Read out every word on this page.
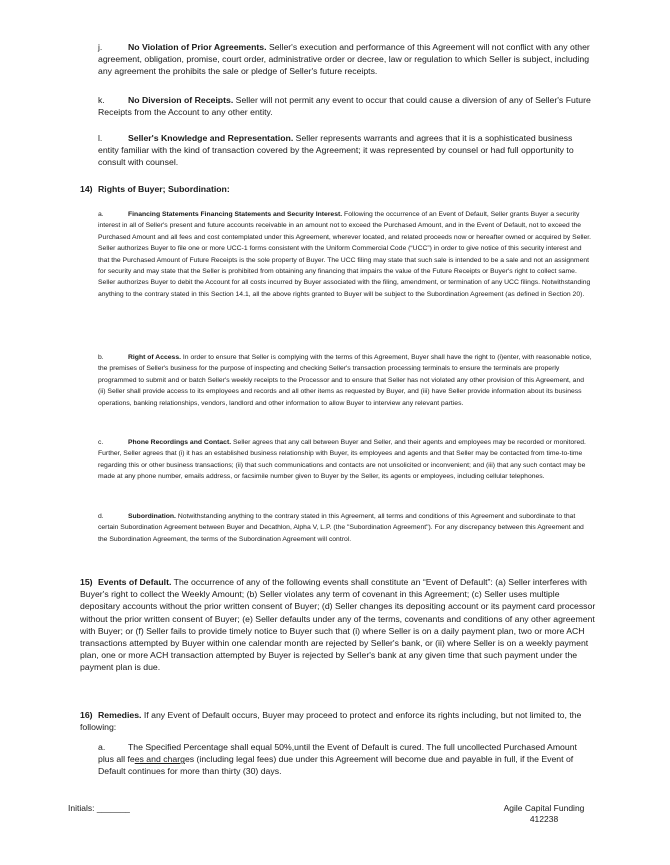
j.	No Violation of Prior Agreements. Seller's execution and performance of this Agreement will not conflict with any other agreement, obligation, promise, court order, administrative order or decree, law or regulation to which Seller is subject, including any agreement the prohibits the sale or pledge of Seller's future receipts.
k.	No Diversion of Receipts. Seller will not permit any event to occur that could cause a diversion of any of Seller's Future Receipts from the Account to any other entity.
l.	Seller's Knowledge and Representation. Seller represents warrants and agrees that it is a sophisticated business entity familiar with the kind of transaction covered by the Agreement; it was represented by counsel or had full opportunity to consult with counsel.
14) Rights of Buyer; Subordination:
a.	Financing Statements Financing Statements and Security Interest. Following the occurrence of an Event of Default, Seller grants Buyer a security interest in all of Seller's present and future accounts receivable in an amount not to exceed the Purchased Amount, and in the Event of Default, not to exceed the Purchased Amount and all fees and cost contemplated under this Agreement, wherever located, and related proceeds now or hereafter owned or acquired by Seller. Seller authorizes Buyer to file one or more UCC-1 forms consistent with the Uniform Commercial Code (“UCC”) in order to give notice of this security interest and that the Purchased Amount of Future Receipts is the sole property of Buyer. The UCC filing may state that such sale is intended to be a sale and not an assignment for security and may state that the Seller is prohibited from obtaining any financing that impairs the value of the Future Receipts or Buyer's right to collect same. Seller authorizes Buyer to debit the Account for all costs incurred by Buyer associated with the filing, amendment, or termination of any UCC filings. Notwithstanding anything to the contrary stated in this Section 14.1, all the above rights granted to Buyer will be subject to the Subordination Agreement (as defined in Section 20).
b.	Right of Access. In order to ensure that Seller is complying with the terms of this Agreement, Buyer shall have the right to (i)enter, with reasonable notice, the premises of Seller's business for the purpose of inspecting and checking Seller's transaction processing terminals to ensure the terminals are properly programmed to submit and or batch Seller's weekly receipts to the Processor and to ensure that Seller has not violated any other provision of this Agreement, and (ii) Seller shall provide access to its employees and records and all other items as requested by Buyer, and (iii) have Seller provide information about its business operations, banking relationships, vendors, landlord and other information to allow Buyer to interview any relevant parties.
c.	Phone Recordings and Contact. Seller agrees that any call between Buyer and Seller, and their agents and employees may be recorded or monitored. Further, Seller agrees that (i) it has an established business relationship with Buyer, its employees and agents and that Seller may be contacted from time-to-time regarding this or other business transactions; (ii) that such communications and contacts are not unsolicited or inconvenient; and (iii) that any such contact may be made at any phone number, emails address, or facsimile number given to Buyer by the Seller, its agents or employees, including cellular telephones.
d.	Subordination. Notwithstanding anything to the contrary stated in this Agreement, all terms and conditions of this Agreement and subordinate to that certain Subordination Agreement between Buyer and Decathlon, Alpha V, L.P. (the "Subordination Agreement"). For any discrepancy between this Agreement and the Subordination Agreement, the terms of the Subordination Agreement will control.
15) Events of Default. The occurrence of any of the following events shall constitute an “Event of Default”: (a) Seller interferes with Buyer's right to collect the Weekly Amount; (b) Seller violates any term of covenant in this Agreement; (c) Seller uses multiple depositary accounts without the prior written consent of Buyer; (d) Seller changes its depositing account or its payment card processor without the prior written consent of Buyer; (e) Seller defaults under any of the terms, covenants and conditions of any other agreement with Buyer; or (f) Seller fails to provide timely notice to Buyer such that (i) where Seller is on a daily payment plan, two or more ACH transactions attempted by Buyer within one calendar month are rejected by Seller's bank, or (ii) where Seller is on a weekly payment plan, one or more ACH transaction attempted by Buyer is rejected by Seller's bank at any given time that such payment under the payment plan is due.
16) Remedies. If any Event of Default occurs, Buyer may proceed to protect and enforce its rights including, but not limited to, the following:
a.	The Specified Percentage shall equal 50%,until the Event of Default is cured. The full uncollected Purchased Amount plus all fees and charges (including legal fees) due under this Agreement will become due and payable in full, if the Event of Default continues for more than thirty (30) days.
Initials: _______	Agile Capital Funding
412238
